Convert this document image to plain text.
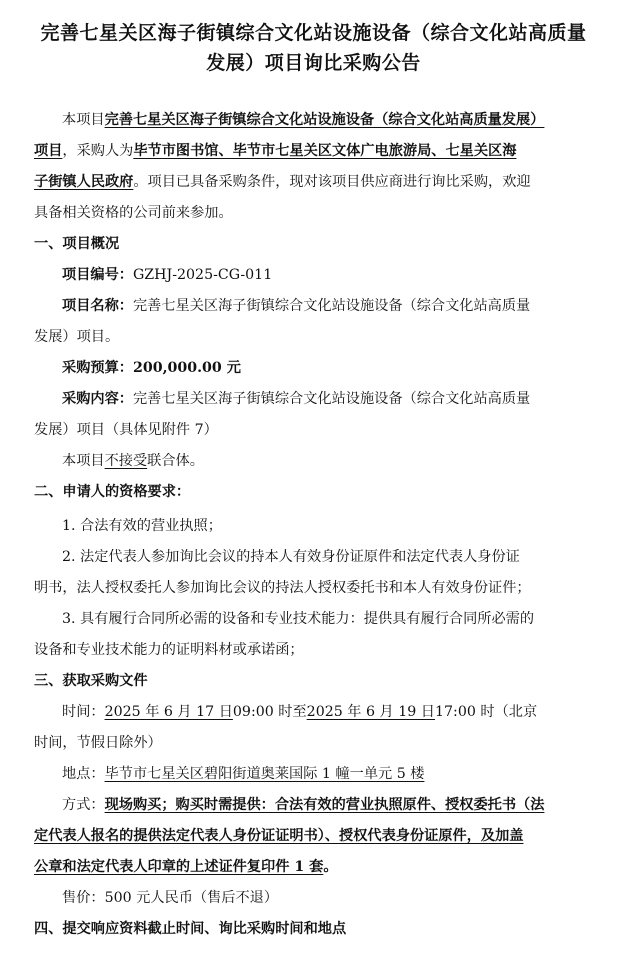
完善七星关区海子街镇综合文化站设施设备（综合文化站高质量
发展）项目询比采购公告
本项目完善七星关区海子街镇综合文化站设施设备（综合文化站高质量发展）
项目，采购人为毕节市图书馆、毕节市七星关区文体广电旅游局、七星关区海
子街镇人民政府。项目已具备采购条件，现对该项目供应商进行询比采购，欢迎
具备相关资格的公司前来参加。
一、项目概况
项目编号：GZHJ-2025-CG-011
项目名称：完善七星关区海子街镇综合文化站设施设备（综合文化站高质量
发展）项目。
采购预算：200,000.00 元
采购内容：完善七星关区海子街镇综合文化站设施设备（综合文化站高质量
发展）项目（具体见附件 7）
本项目不接受联合体。
二、申请人的资格要求：
1. 合法有效的营业执照；
2. 法定代表人参加询比会议的持本人有效身份证原件和法定代表人身份证
明书，法人授权委托人参加询比会议的持法人授权委托书和本人有效身份证件；
3. 具有履行合同所必需的设备和专业技术能力：提供具有履行合同所必需的
设备和专业技术能力的证明料材或承诺函；
三、获取采购文件
时间：2025 年 6 月 17 日09:00 时至2025 年 6 月 19 日17:00 时（北京
时间，节假日除外）
地点：毕节市七星关区碧阳街道奥莱国际 1 幢一单元 5 楼
方式：现场购买；购买时需提供：合法有效的营业执照原件、授权委托书（法
定代表人报名的提供法定代表人身份证证明书）、授权代表身份证原件，及加盖
公章和法定代表人印章的上述证件复印件 1 套。
售价：500 元人民币（售后不退）
四、提交响应资料截止时间、询比采购时间和地点
